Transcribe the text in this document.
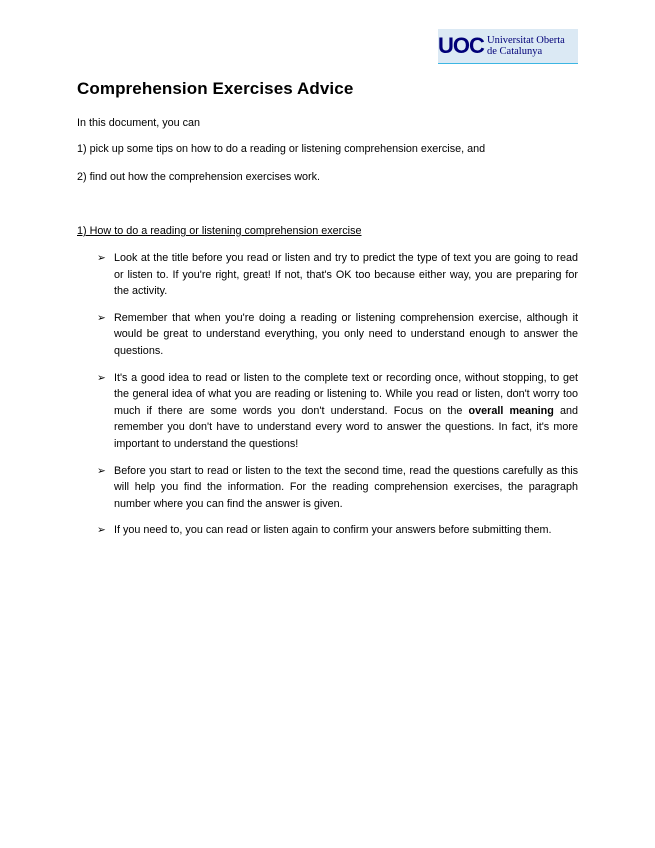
UOC Universitat Oberta
de Catalunya
Comprehension Exercises Advice

In this document, you can

1) pick up some tips on how to do a reading or listening comprehension exercise, and

2) find out how the comprehension exercises work.

1) How to do a reading or listening comprehension exercise

➢ Look at the title before you read or listen and try to predict the type of text you are going to read or listen to. If you're right, great! If not, that's OK too because either way, you are preparing for the activity.
➢ Remember that when you're doing a reading or listening comprehension exercise, although it would be great to understand everything, you only need to understand enough to answer the questions.
➢ It's a good idea to read or listen to the complete text or recording once, without stopping, to get the general idea of what you are reading or listening to. While you read or listen, don't worry too much if there are some words you don't understand. Focus on the overall meaning and remember you don't have to understand every word to answer the questions. In fact, it's more important to understand the questions!
➢ Before you start to read or listen to the text the second time, read the questions carefully as this will help you find the information. For the reading comprehension exercises, the paragraph number where you can find the answer is given.
➢ If you need to, you can read or listen again to confirm your answers before submitting them.
